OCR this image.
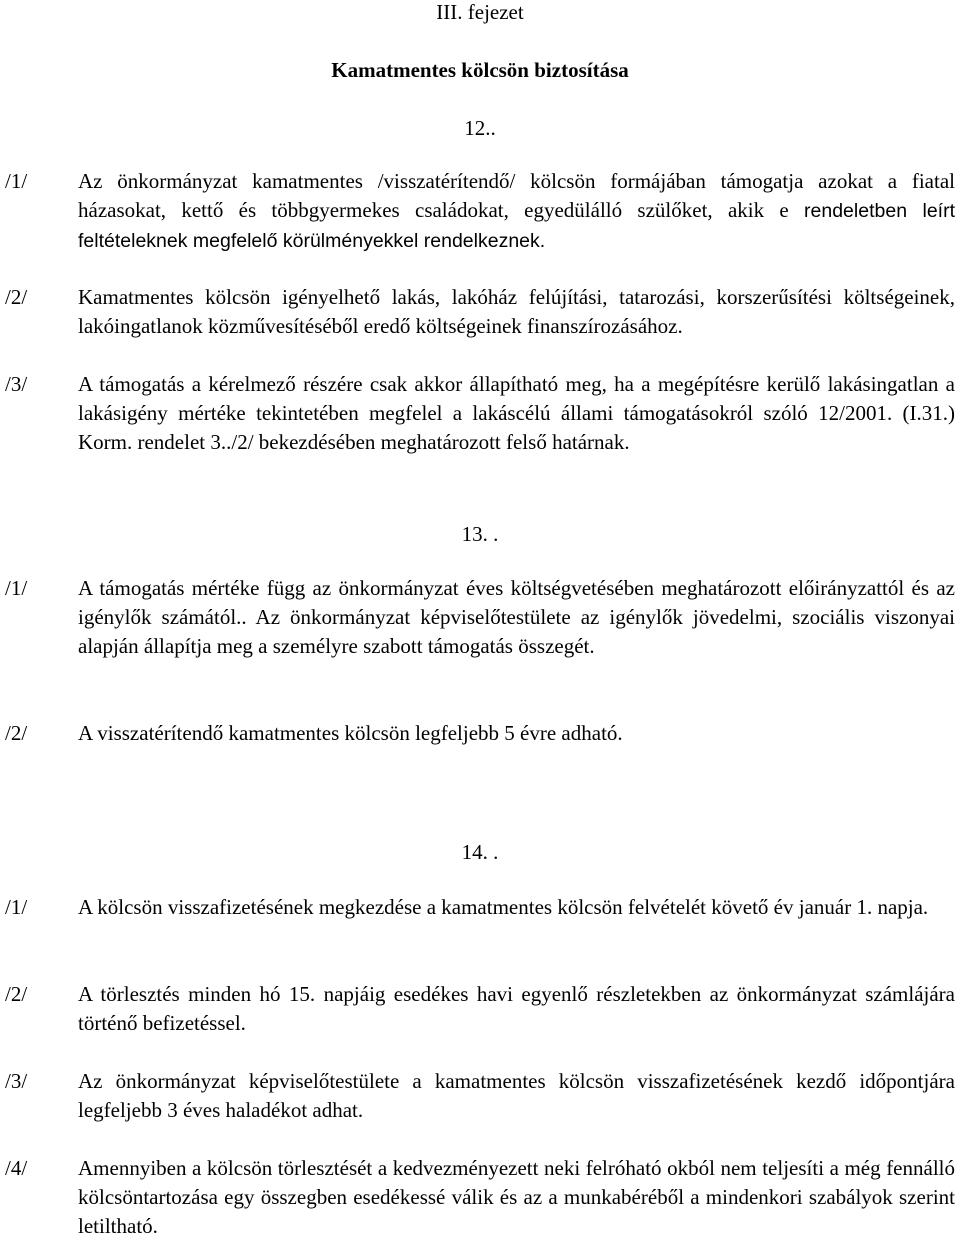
III. fejezet
Kamatmentes kölcsön biztosítása
12..
/1/ Az önkormányzat kamatmentes /visszatérítendő/ kölcsön formájában támogatja azokat a fiatal házasokat, kettő és többgyermekes családokat, egyedülálló szülőket, akik e rendeletben leírt feltételeknek megfelelő körülményekkel rendelkeznek.
/2/ Kamatmentes kölcsön igényelhető lakás, lakóház felújítási, tatarozási, korszerűsítési költségeinek, lakóingatlanok közművesítéséből eredő költségeinek finanszírozásához.
/3/ A támogatás a kérelmező részére csak akkor állapítható meg, ha a megépítésre kerülő lakásingatlan a lakásigény mértéke tekintetében megfelel a lakáscélú állami támogatásokról szóló 12/2001. (I.31.) Korm. rendelet 3../2/ bekezdésében meghatározott felső határnak.
13. .
/1/ A támogatás mértéke függ az önkormányzat éves költségvetésében meghatározott előirányzattól és az igénylők számától.. Az önkormányzat képviselőtestülete az igénylők jövedelmi, szociális viszonyai alapján állapítja meg a személyre szabott támogatás összegét.
/2/ A visszatérítendő kamatmentes kölcsön legfeljebb 5 évre adható.
14. .
/1/ A kölcsön visszafizetésének megkezdése a kamatmentes kölcsön felvételét követő év január 1. napja.
/2/ A törlesztés minden hó 15. napjáig esedékes havi egyenlő részletekben az önkormányzat számlájára történő befizetéssel.
/3/ Az önkormányzat képviselőtestülete a kamatmentes kölcsön visszafizetésének kezdő időpontjára legfeljebb 3 éves haladékot adhat.
/4/ Amennyiben a kölcsön törlesztését a kedvezményezett neki felróható okból nem teljesíti a még fennálló kölcsöntartozása egy összegben esedékessé válik és az a munkabéréből a mindenkori szabályok szerint letiltható.
